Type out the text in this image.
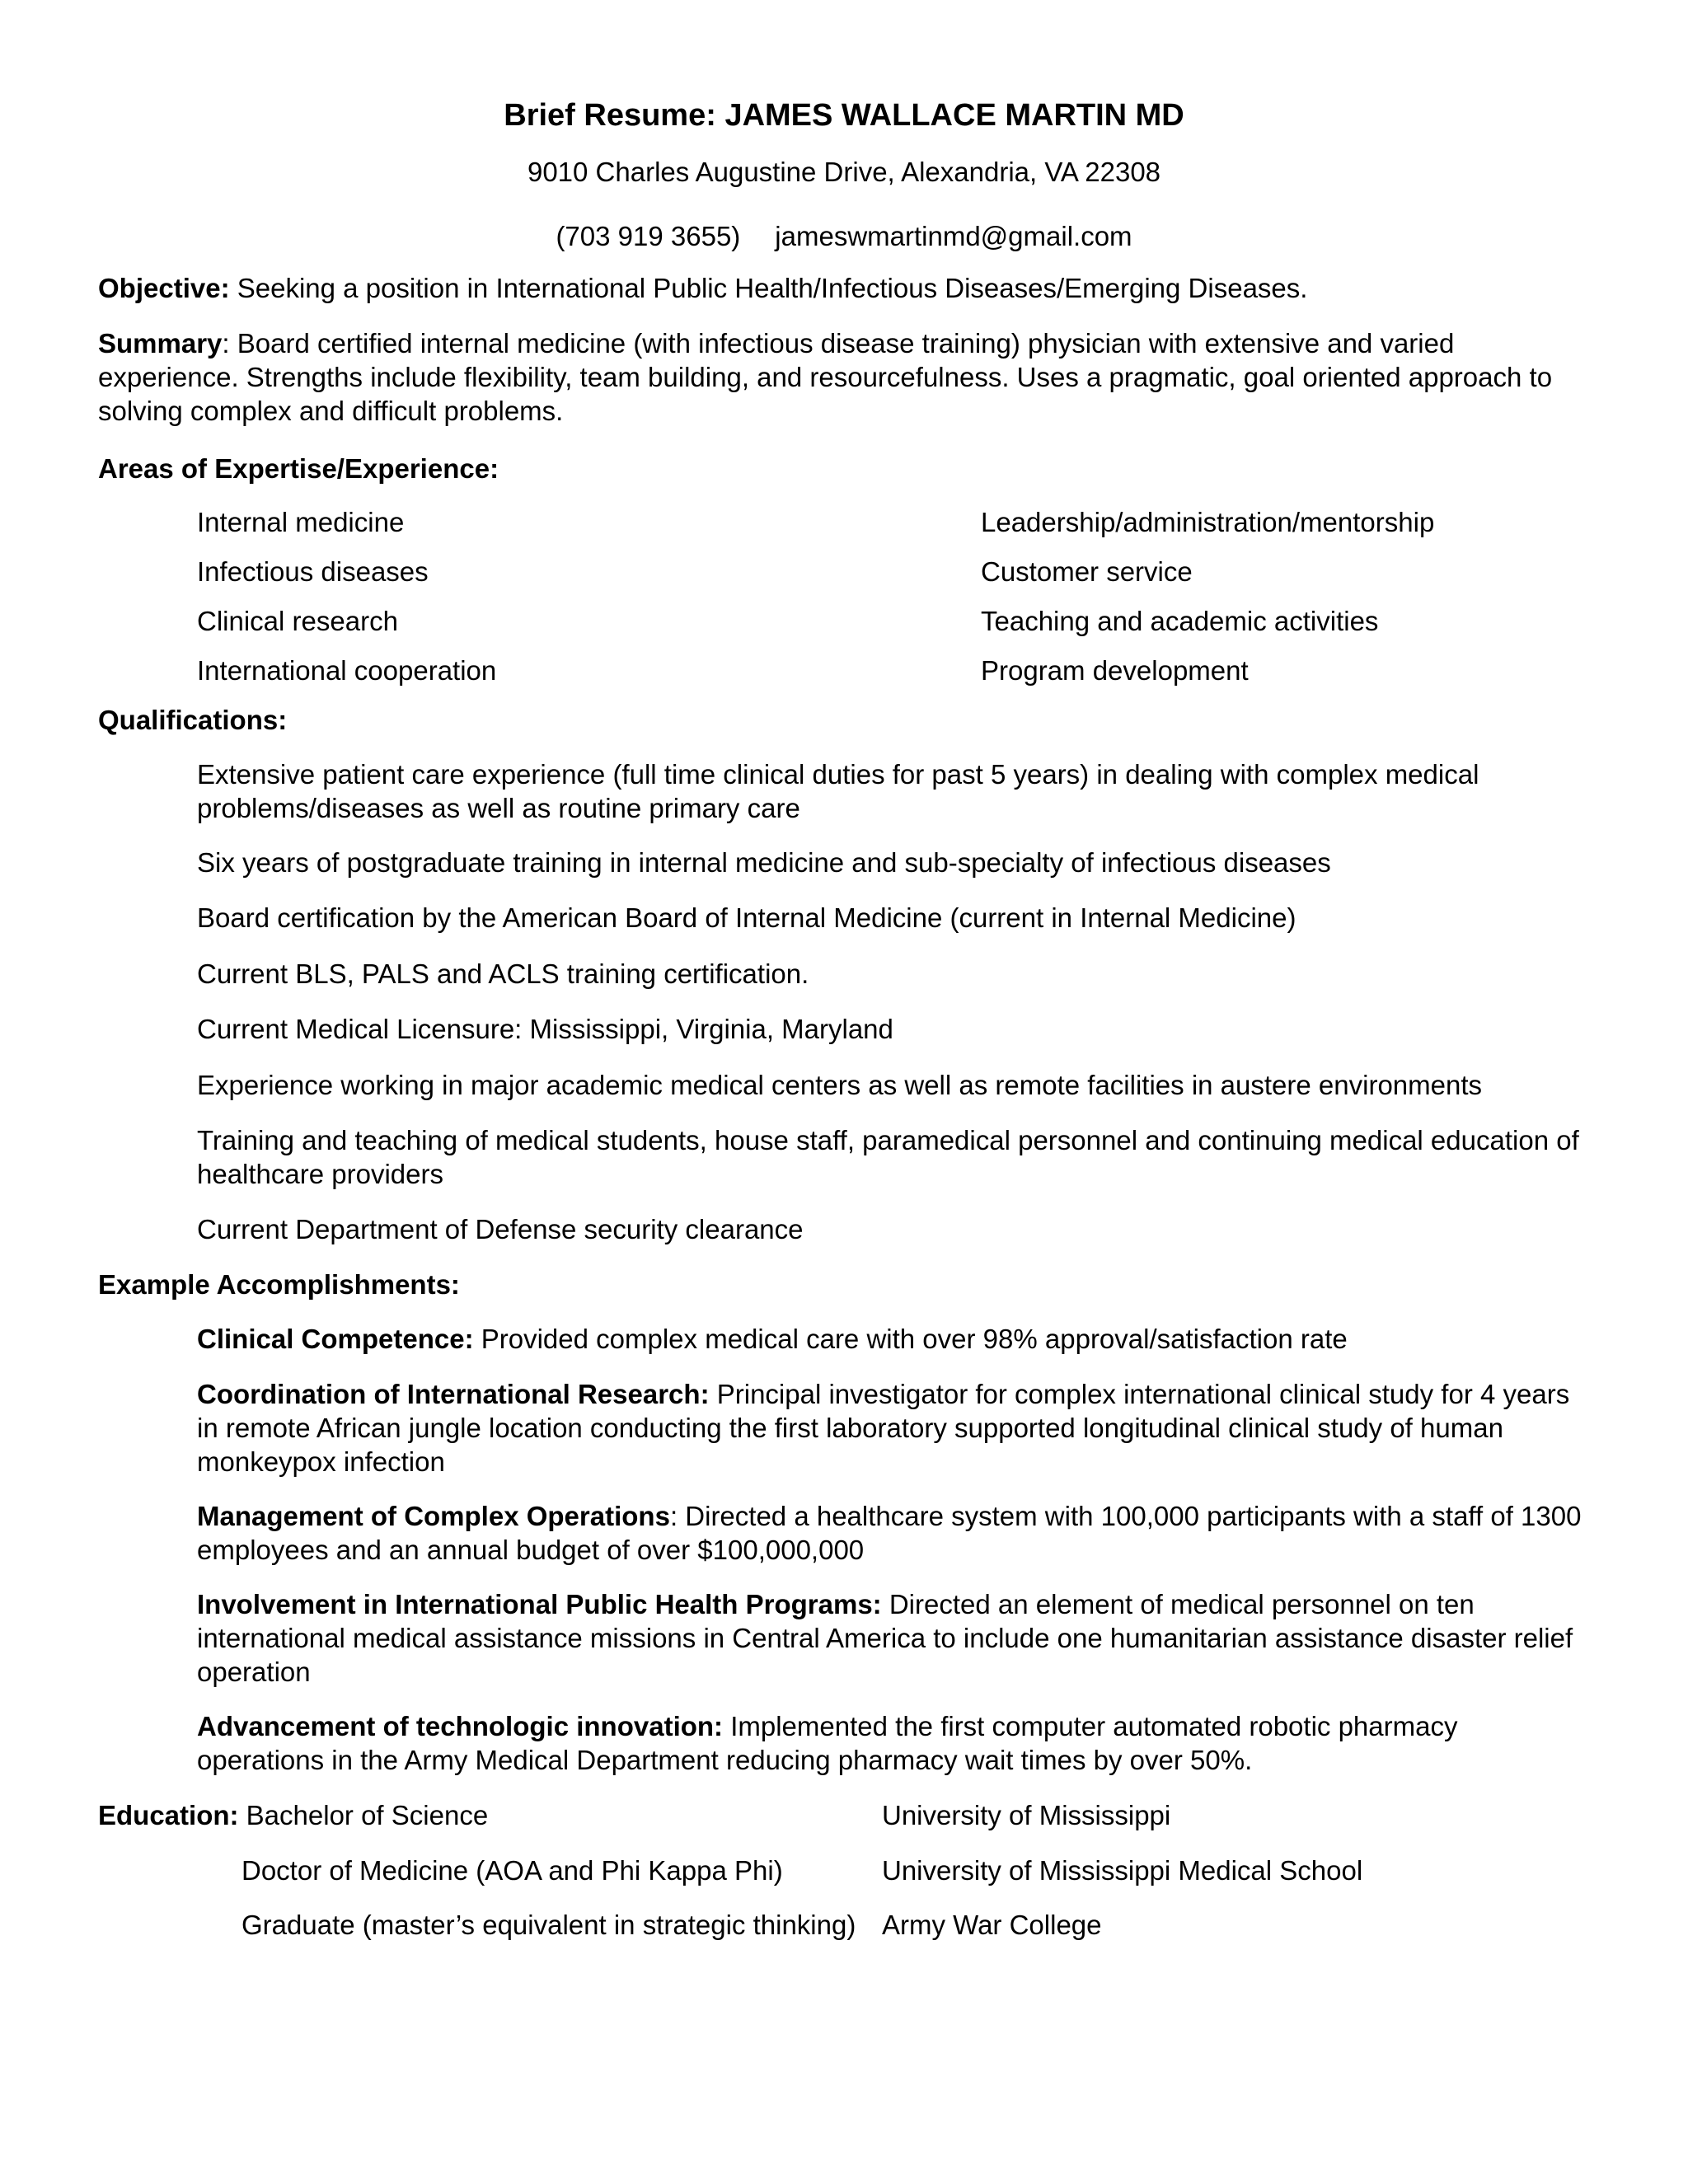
Brief Resume: JAMES WALLACE MARTIN MD
9010 Charles Augustine Drive, Alexandria, VA 22308
(703 919 3655) jameswmartinmd@gmail.com
Objective: Seeking a position in International Public Health/Infectious Diseases/Emerging Diseases.
Summary: Board certified internal medicine (with infectious disease training) physician with extensive and varied experience. Strengths include flexibility, team building, and resourcefulness. Uses a pragmatic, goal oriented approach to solving complex and difficult problems.
Areas of Expertise/Experience:
Internal medicine
Infectious diseases
Clinical research
International cooperation
Leadership/administration/mentorship
Customer service
Teaching and academic activities
Program development
Qualifications:
Extensive patient care experience (full time clinical duties for past 5 years) in dealing with complex medical problems/diseases as well as routine primary care
Six years of postgraduate training in internal medicine and sub-specialty of infectious diseases
Board certification by the American Board of Internal Medicine (current in Internal Medicine)
Current BLS, PALS and ACLS training certification.
Current Medical Licensure: Mississippi, Virginia, Maryland
Experience working in major academic medical centers as well as remote facilities in austere environments
Training and teaching of medical students, house staff, paramedical personnel and continuing medical education of healthcare providers
Current Department of Defense security clearance
Example Accomplishments:
Clinical Competence: Provided complex medical care with over 98% approval/satisfaction rate
Coordination of International Research: Principal investigator for complex international clinical study for 4 years in remote African jungle location conducting the first laboratory supported longitudinal clinical study of human monkeypox infection
Management of Complex Operations: Directed a healthcare system with 100,000 participants with a staff of 1300 employees and an annual budget of over $100,000,000
Involvement in International Public Health Programs: Directed an element of medical personnel on ten international medical assistance missions in Central America to include one humanitarian assistance disaster relief operation
Advancement of technologic innovation: Implemented the first computer automated robotic pharmacy operations in the Army Medical Department reducing pharmacy wait times by over 50%.
Education: Bachelor of Science	University of Mississippi
Doctor of Medicine (AOA and Phi Kappa Phi)	University of Mississippi Medical School
Graduate (master’s equivalent in strategic thinking) Army War College
